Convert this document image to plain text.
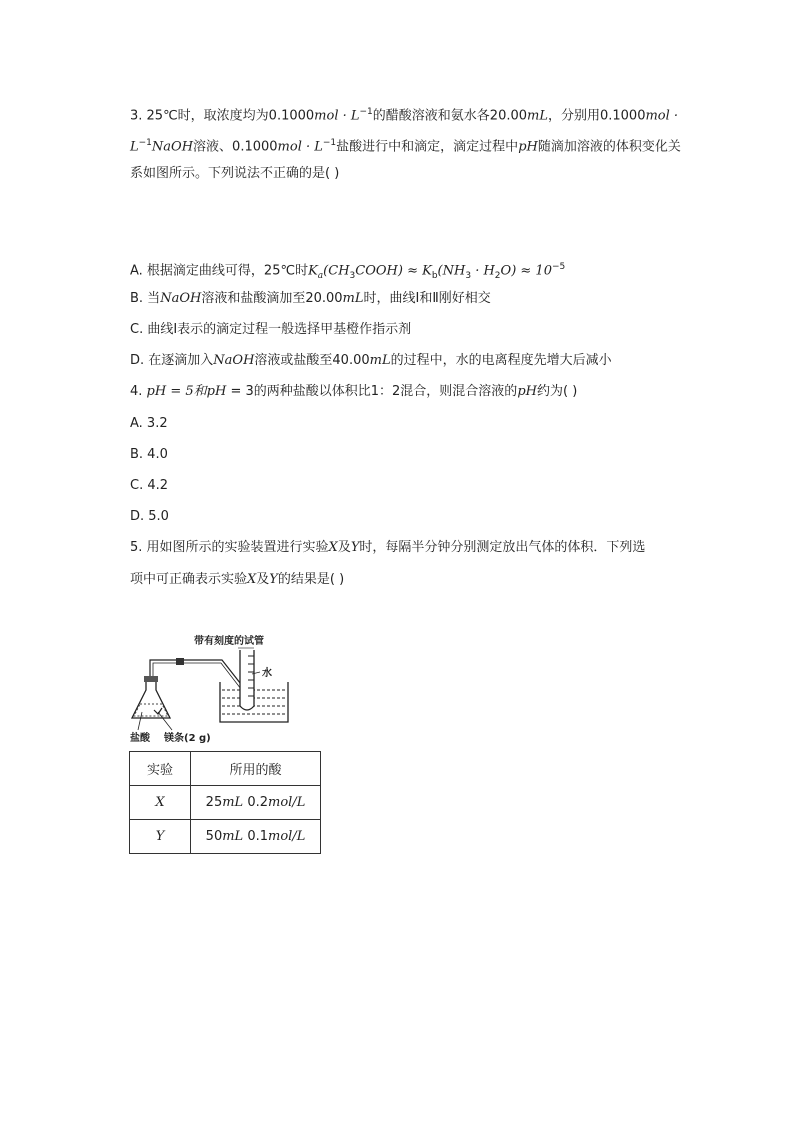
3. 25℃时，取浓度均为$0.1000mol \cdot L^{-1}$的醋酸溶液和氨水各20.00mL，分别用0.1000mol ·
$L^{-1}NaOH$溶液、$0.1000mol \cdot L^{-1}$盐酸进行中和滴定，滴定过程中pH随滴加溶液的体积变化关
系如图所示。下列说法不正确的是( )
A. 根据滴定曲线可得，25℃时$K_a(CH_3COOH) \approx K_b(NH_3 \cdot H_2O) \approx 10^{-5}$
B. 当NaOH溶液和盐酸滴加至20.00mL时，曲线Ⅰ和Ⅱ刚好相交
C. 曲线Ⅰ表示的滴定过程一般选择甲基橙作指示剂
D. 在逐滴加入NaOH溶液或盐酸至40.00mL的过程中，水的电离程度先增大后减小
4. pH = 5和pH = 3的两种盐酸以体积比1：2混合，则混合溶液的pH约为( )
A. 3.2
B. 4.0
C. 4.2
D. 5.0
5. 用如图所示的实验装置进行实验X及Y时，每隔半分钟分别测定放出气体的体积．下列选
项中可正确表示实验X及Y的结果是( )
带有刻度的试管
水
盐酸 镁条(2 g)
实验	所用的酸
X	25mL 0.2mol/L
Y	50mL 0.1mol/L
